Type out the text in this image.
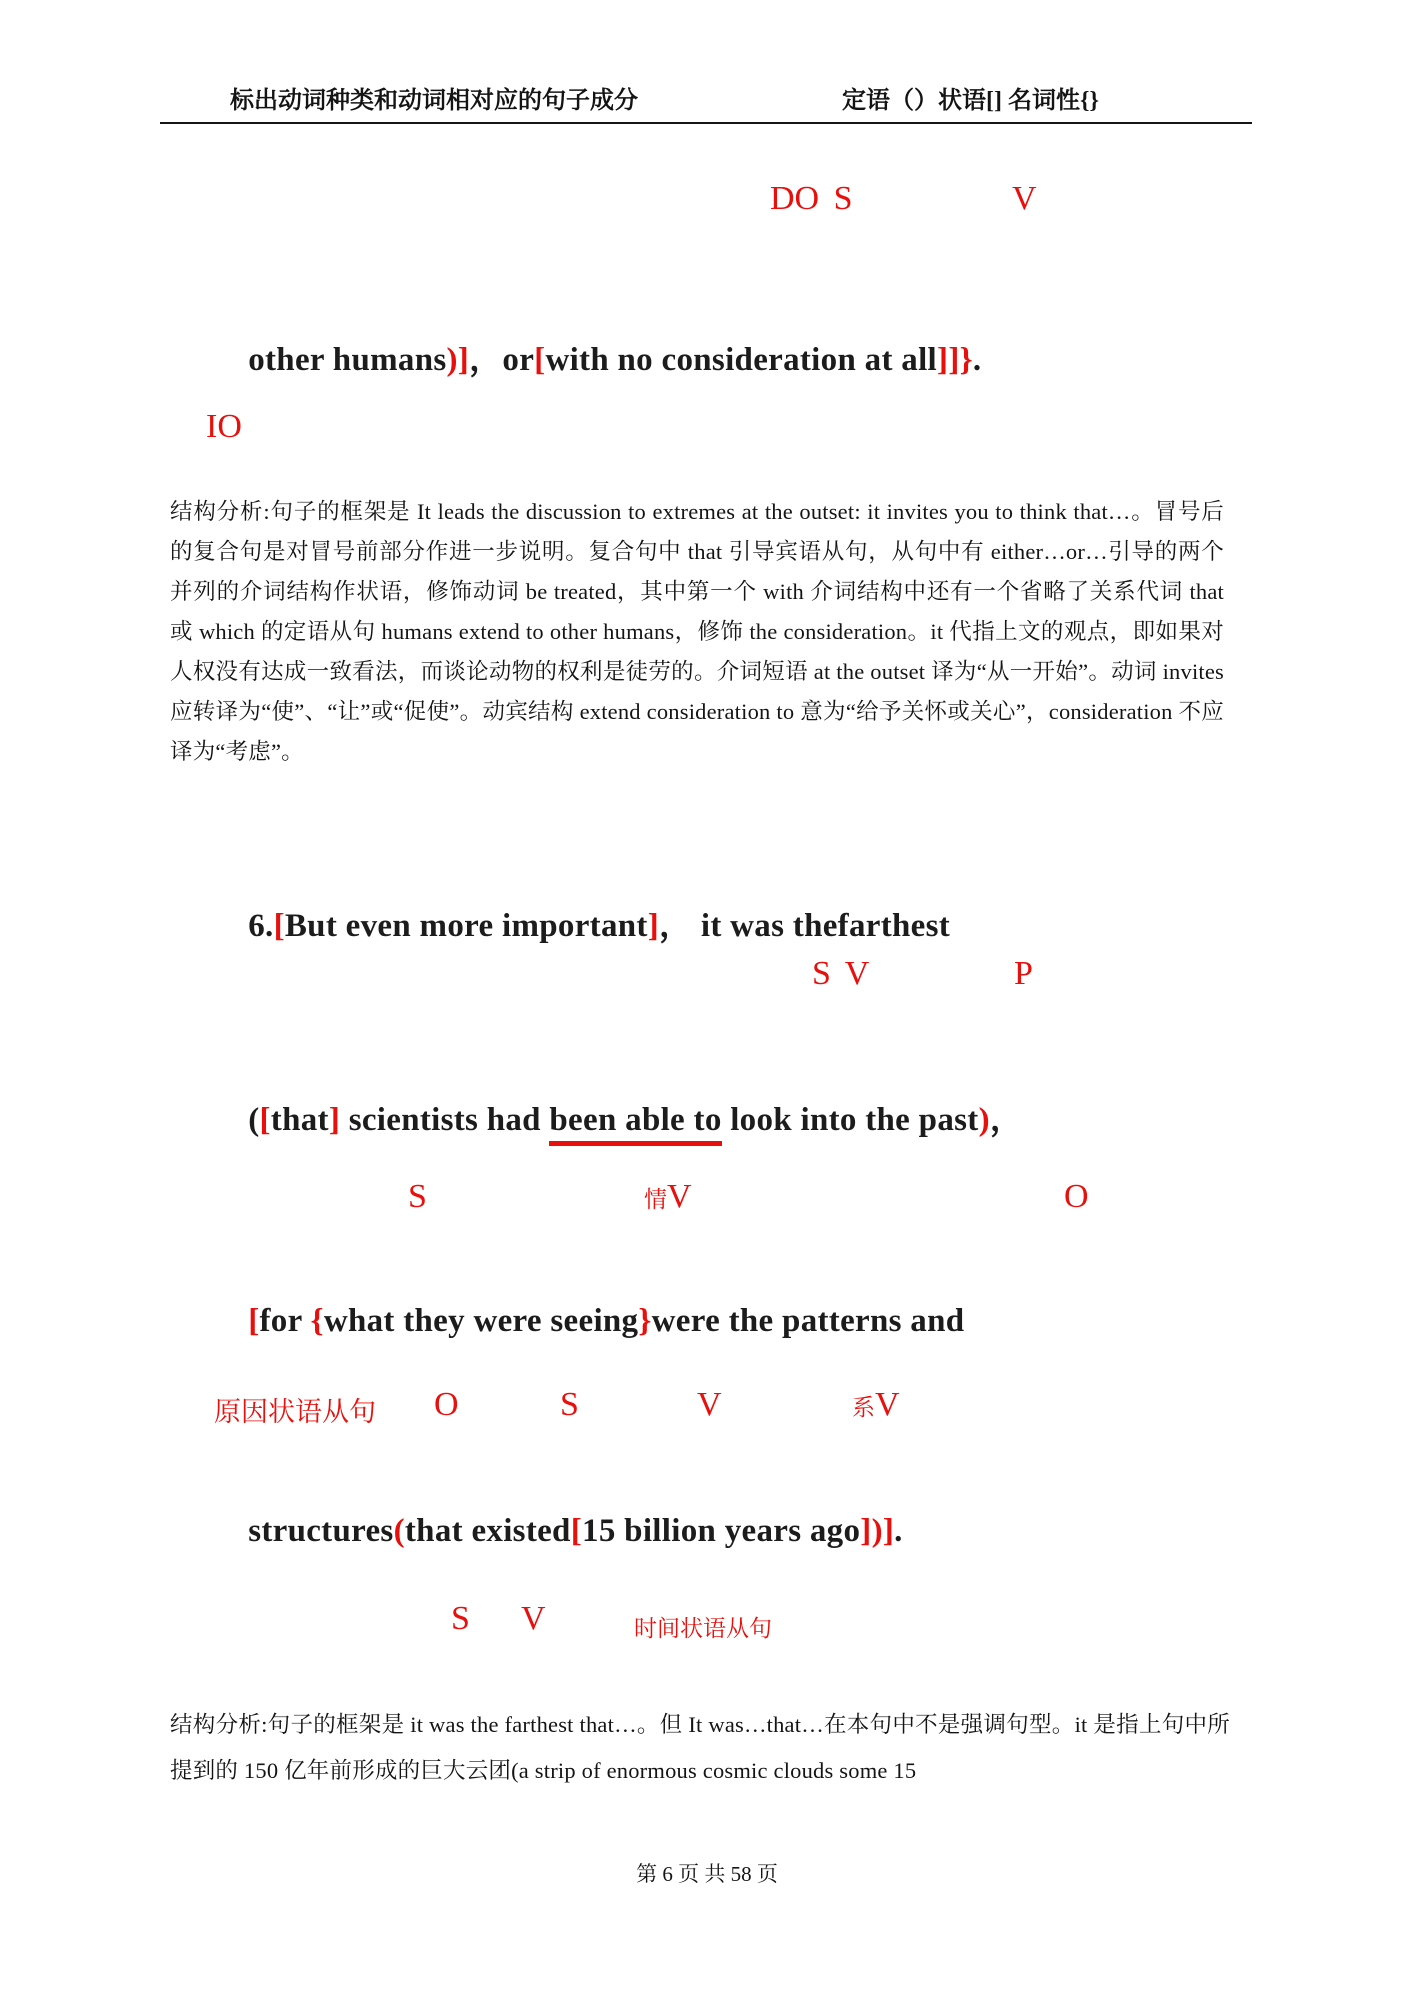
标出动词种类和动词相对应的句子成分	定语（）状语[] 名词性{}
DO S	V

other humans)]，or[with no consideration at all]]}.

IO
结构分析:句子的框架是 It leads the discussion to extremes at the outset: it invites you to think that…。冒号后的复合句是对冒号前部分作进一步说明。复合句中 that 引导宾语从句，从句中有 either…or…引导的两个并列的介词结构作状语，修饰动词 be treated，其中第一个 with 介词结构中还有一个省略了关系代词 that 或 which 的定语从句 humans extend to other humans，修饰 the consideration。it 代指上文的观点，即如果对人权没有达成一致看法，而谈论动物的权利是徒劳的。介词短语 at the outset 译为“从一开始”。动词 invites 应转译为“使”、“让”或“促使”。动宾结构 extend consideration to 意为“给予关怀或关心”，consideration 不应译为“考虑”。

6.[But even more important]， it was thefarthest

S V	P

([that] scientists had been able to look into the past)，

S	情V	O

[for {what they were seeing}were the patterns and

原因状语从句 O	S	V	系V

structures(that existed[15 billion years ago])].

S V	时间状语从句
结构分析:句子的框架是 it was the farthest that…。但 It was…that…在本句中不是强调句型。it 是指上句中所提到的 150 亿年前形成的巨大云团(a strip of enormous cosmic clouds some 15
第 6 页 共 58 页
